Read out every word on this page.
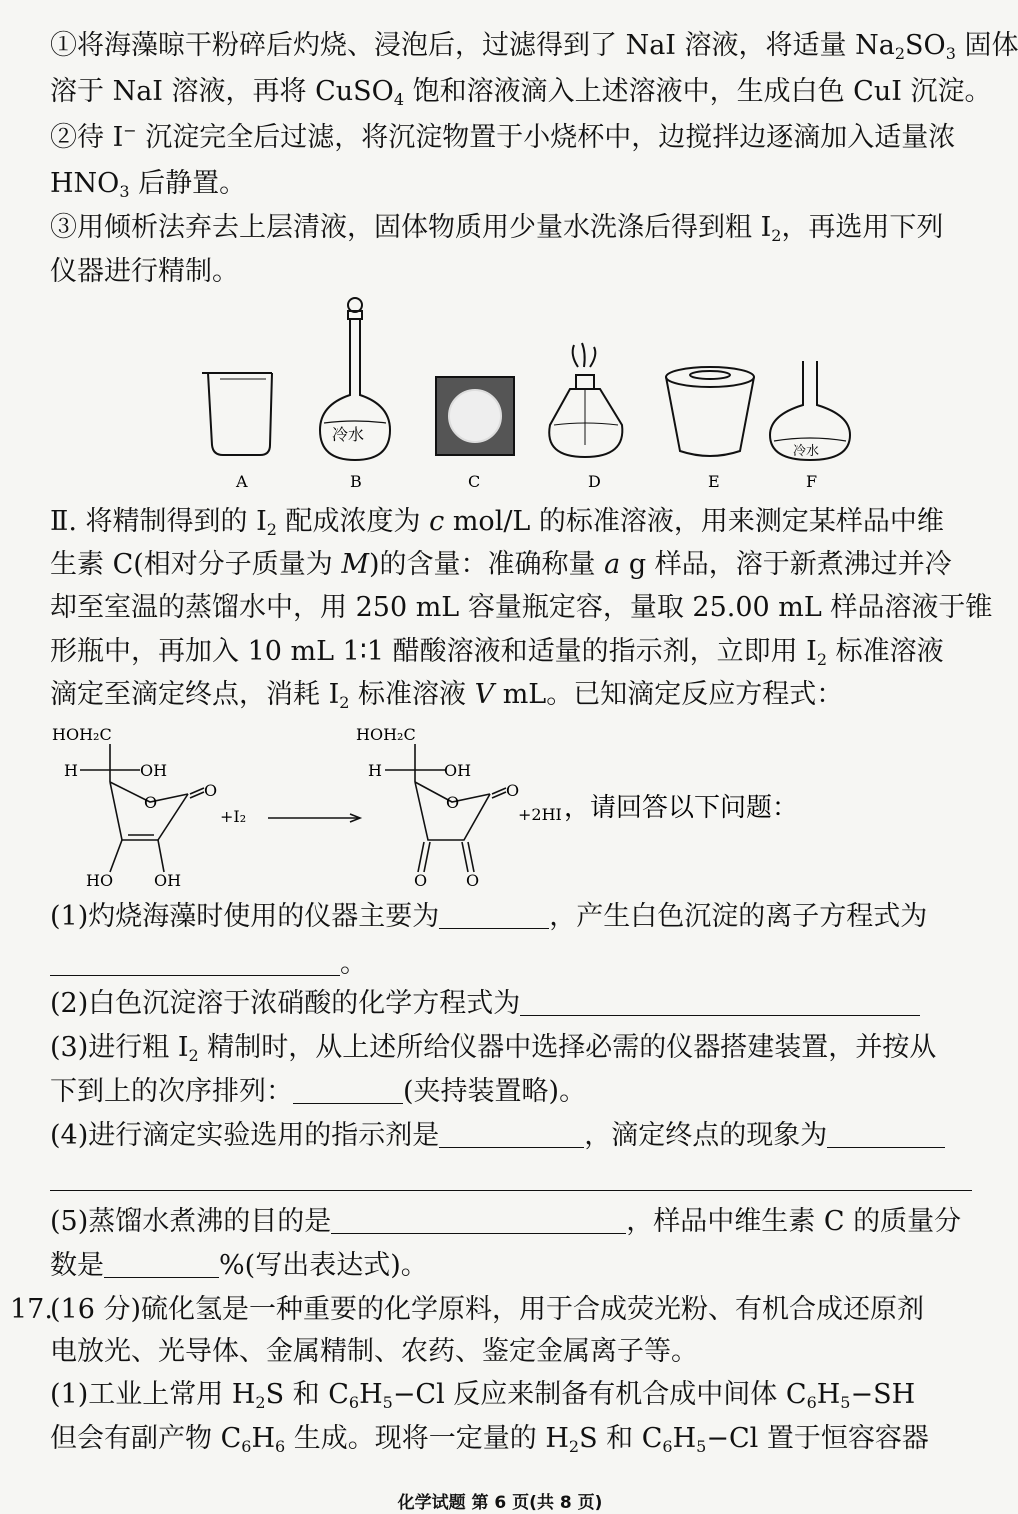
①将海藻晾干粉碎后灼烧、浸泡后，过滤得到了 NaI 溶液，将适量 $Na_2SO_3$ 固体
溶于 NaI 溶液，再将 CuSO$_4$ 饱和溶液滴入上述溶液中，生成白色 CuI 沉淀。
②待 I− 沉淀完全后过滤，将沉淀物置于小烧杯中，边搅拌边逐滴加入适量浓
$HNO_3$ 后静置。
③用倾析法弃去上层清液，固体物质用少量水洗涤后得到粗 $I_2$，再选用下列
仪器进行精制。
冷水
冷水
A	B	C	D	E	F
Ⅱ. 将精制得到的 $I_2$ 配成浓度为 c mol/L 的标准溶液，用来测定某样品中维
生素 C(相对分子质量为 M)的含量：准确称量 a g 样品，溶于新煮沸过并冷
却至室温的蒸馏水中，用 250 mL 容量瓶定容，量取 25.00 mL 样品溶液于锥
形瓶中，再加入 10 mL 1∶1 醋酸溶液和适量的指示剂，立即用 $I_2$ 标准溶液
滴定至滴定终点，消耗 $I_2$ 标准溶液 V mL。已知滴定反应方程式：
HOH₂C
H	OH
O
O
HO	OH
+I₂
HOH₂C
H	OH
O
O
O O
+2HI ，请回答以下问题：
(1)灼烧海藻时使用的仪器主要为	，产生白色沉淀的离子方程式为
。
(2)白色沉淀溶于浓硝酸的化学方程式为
(3)进行粗 $I_2$ 精制时，从上述所给仪器中选择必需的仪器搭建装置，并按从
下到上的次序排列：	(夹持装置略)。
(4)进行滴定实验选用的指示剂是	，滴定终点的现象为
(5)蒸馏水煮沸的目的是	，样品中维生素 C 的质量分
数是	%(写出表达式)。
17.
(16 分)硫化氢是一种重要的化学原料，用于合成荧光粉、有机合成还原剂
电放光、光导体、金属精制、农药、鉴定金属离子等。
(1)工业上常用 $H_2S$ 和 $C_6H_5-Cl$ 反应来制备有机合成中间体 $C_6H_5-SH$
但会有副产物 $C_6H_6$ 生成。现将一定量的 $H_2S$ 和 $C_6H_5-Cl$ 置于恒容容器
化学试题 第 6 页(共 8 页)
